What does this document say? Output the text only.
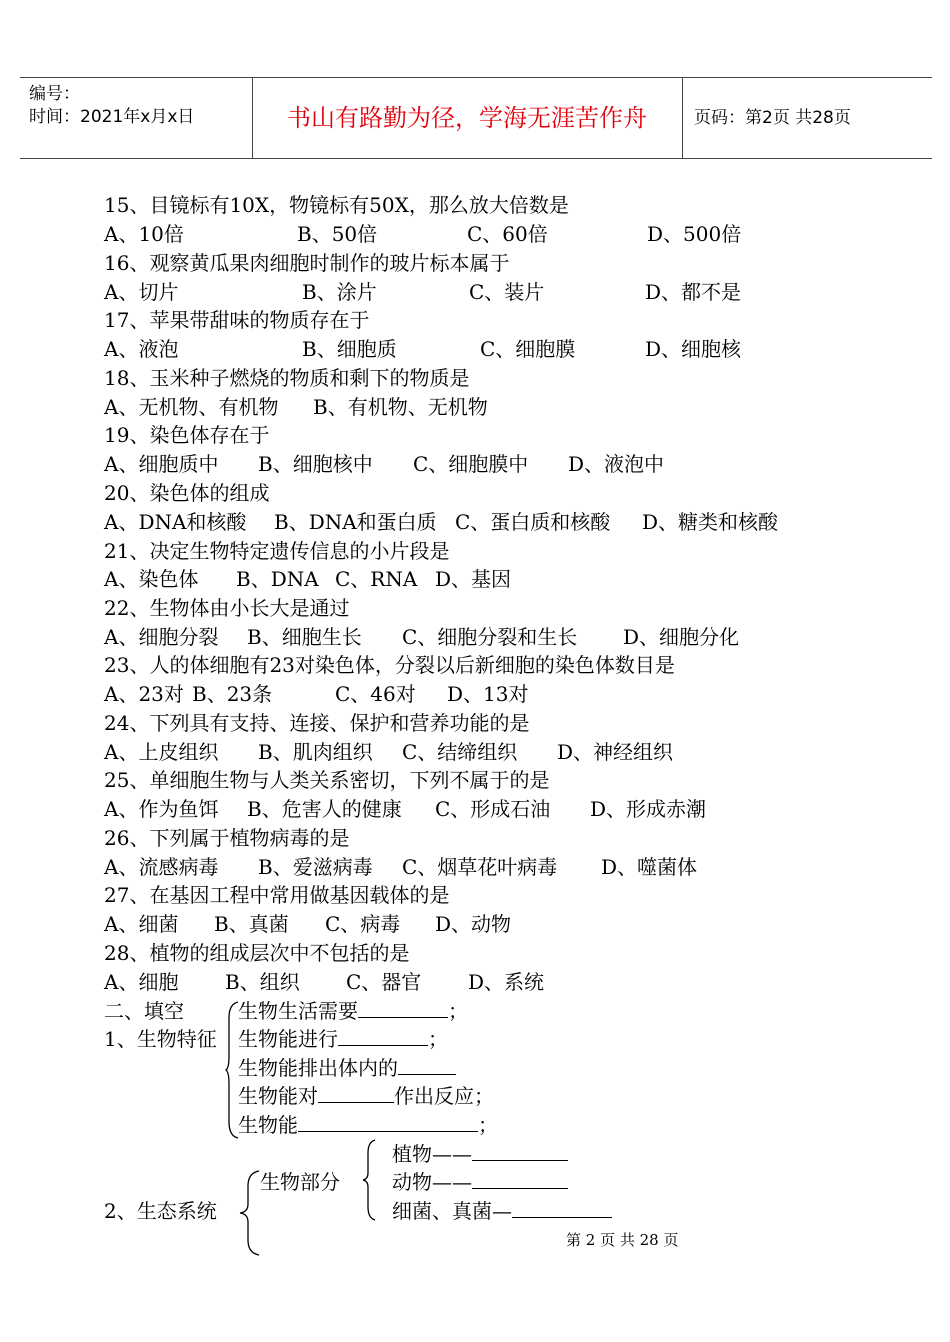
编号：
时间：2021年x月x日	书山有路勤为径，学海无涯苦作舟	页码：第2页 共28页
15、目镜标有10X，物镜标有50X，那么放大倍数是
A、10倍	B、50倍	C、60倍	D、500倍
16、观察黄瓜果肉细胞时制作的玻片标本属于
A、切片	B、涂片	C、装片	D、都不是
17、苹果带甜味的物质存在于
A、液泡	B、细胞质	C、细胞膜	D、细胞核
18、玉米种子燃烧的物质和剩下的物质是
A、无机物、有机物 B、有机物、无机物
19、染色体存在于
A、细胞质中 B、细胞核中 C、细胞膜中 D、液泡中
20、染色体的组成
A、DNA和核酸 B、DNA和蛋白质 C、蛋白质和核酸 D、糖类和核酸
21、决定生物特定遗传信息的小片段是
A、染色体 B、DNA C、RNA D、基因
22、生物体由小长大是通过
A、细胞分裂 B、细胞生长 C、细胞分裂和生长 D、细胞分化
23、人的体细胞有23对染色体，分裂以后新细胞的染色体数目是
A、23对 B、23条	C、46对 D、13对
24、下列具有支持、连接、保护和营养功能的是
A、上皮组织 B、肌肉组织 C、结缔组织 D、神经组织
25、单细胞生物与人类关系密切，下列不属于的是
A、作为鱼饵 B、危害人的健康 C、形成石油 D、形成赤潮
26、下列属于植物病毒的是
A、流感病毒 B、爱滋病毒 C、烟草花叶病毒 D、噬菌体
27、在基因工程中常用做基因载体的是
A、细菌 B、真菌 C、病毒 D、动物
28、植物的组成层次中不包括的是
A、细胞 B、组织 C、器官 D、系统
二、填空
1、生物特征
生物生活需要	；
生物能进行	；
生物能排出体内的
生物能对	作出反应；
生物能	；
生物部分
2、生态系统
植物——
动物——
细菌、真菌—
第 2 页 共 28 页
